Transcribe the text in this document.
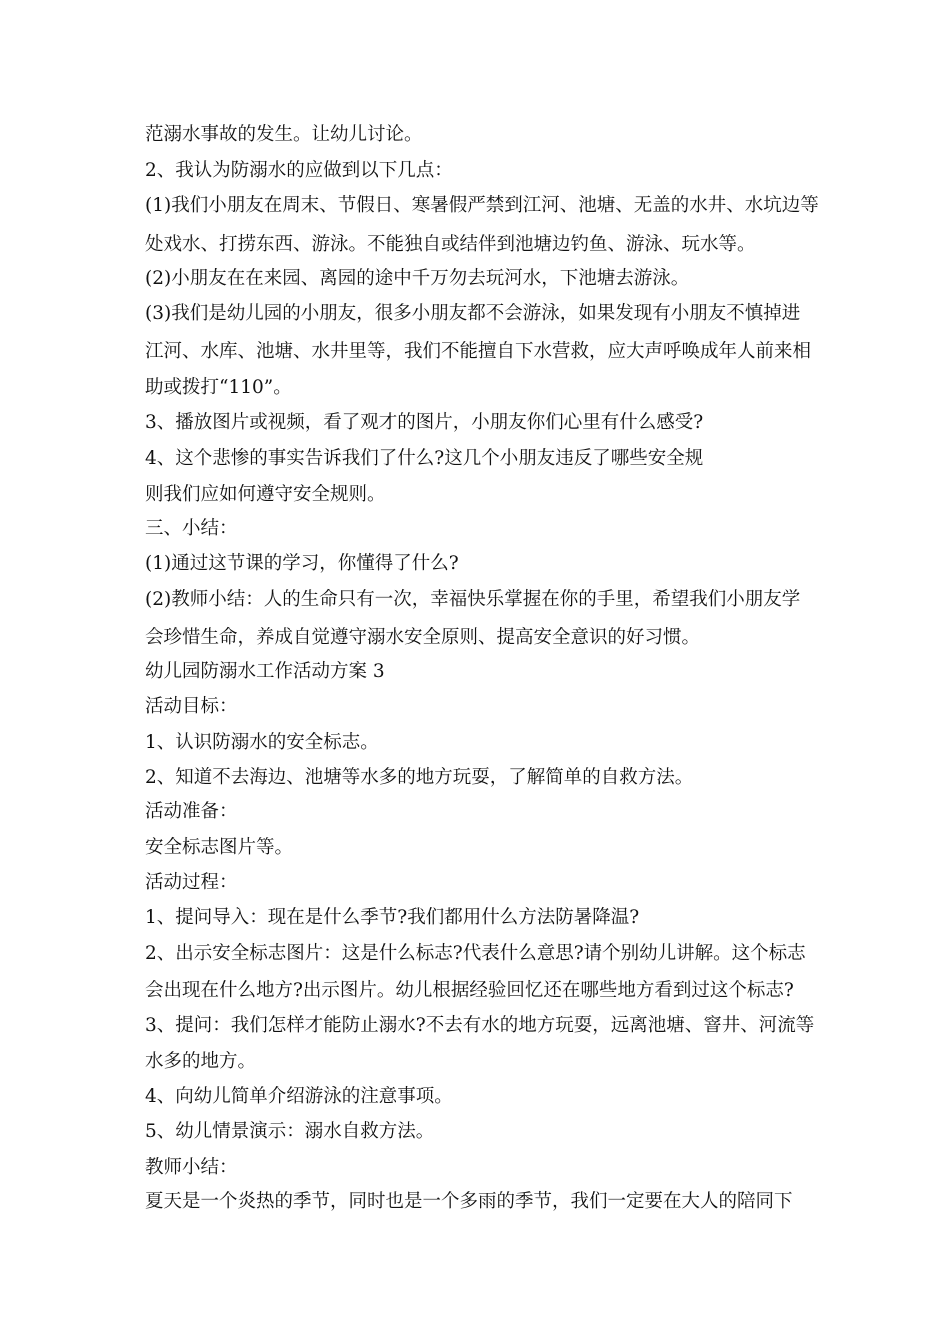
范溺水事故的发生。让幼儿讨论。
2、我认为防溺水的应做到以下几点：
(1)我们小朋友在周末、节假日、寒暑假严禁到江河、池塘、无盖的水井、水坑边等
处戏水、打捞东西、游泳。不能独自或结伴到池塘边钓鱼、游泳、玩水等。
(2)小朋友在在来园、离园的途中千万勿去玩河水，下池塘去游泳。
(3)我们是幼儿园的小朋友，很多小朋友都不会游泳，如果发现有小朋友不慎掉进
江河、水库、池塘、水井里等，我们不能擅自下水营救，应大声呼唤成年人前来相
助或拨打“110”。
3、播放图片或视频，看了观才的图片，小朋友你们心里有什么感受?
4、这个悲惨的事实告诉我们了什么?这几个小朋友违反了哪些安全规
则我们应如何遵守安全规则。
三、小结：
(1)通过这节课的学习，你懂得了什么?
(2)教师小结：人的生命只有一次，幸福快乐掌握在你的手里，希望我们小朋友学
会珍惜生命，养成自觉遵守溺水安全原则、提高安全意识的好习惯。
幼儿园防溺水工作活动方案 3
活动目标：
1、认识防溺水的安全标志。
2、知道不去海边、池塘等水多的地方玩耍，了解简单的自救方法。
活动准备：
安全标志图片等。
活动过程：
1、提问导入：现在是什么季节?我们都用什么方法防暑降温?
2、出示安全标志图片：这是什么标志?代表什么意思?请个别幼儿讲解。这个标志
会出现在什么地方?出示图片。幼儿根据经验回忆还在哪些地方看到过这个标志?
3、提问：我们怎样才能防止溺水?不去有水的地方玩耍，远离池塘、窨井、河流等
水多的地方。
4、向幼儿简单介绍游泳的注意事项。
5、幼儿情景演示：溺水自救方法。
教师小结：
夏天是一个炎热的季节，同时也是一个多雨的季节，我们一定要在大人的陪同下
